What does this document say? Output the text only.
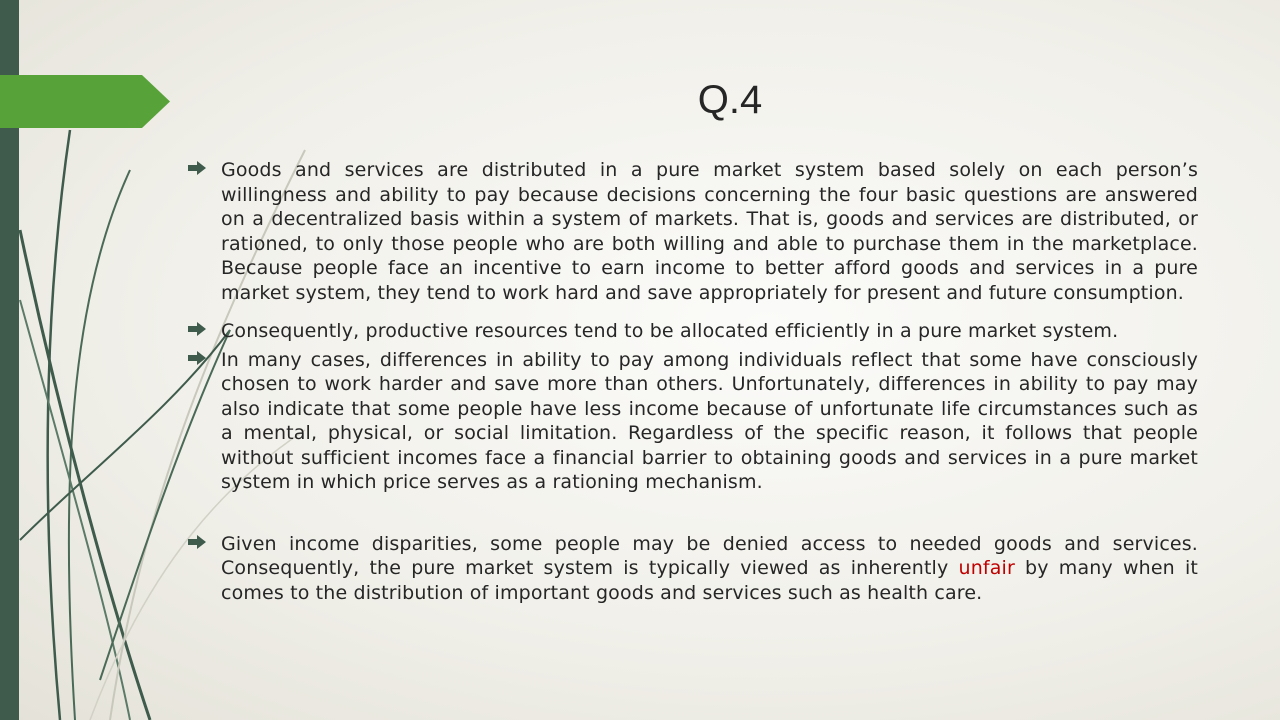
Q.4
Goods and services are distributed in a pure market system based solely on each person’s willingness and ability to pay because decisions concerning the four basic questions are answered on a decentralized basis within a system of markets. That is, goods and services are distributed, or rationed, to only those people who are both willing and able to purchase them in the marketplace. Because people face an incentive to earn income to better afford goods and services in a pure market system, they tend to work hard and save appropriately for present and future consumption.
Consequently, productive resources tend to be allocated efficiently in a pure market system.
In many cases, differences in ability to pay among individuals reflect that some have consciously chosen to work harder and save more than others. Unfortunately, differences in ability to pay may also indicate that some people have less income because of unfortunate life circumstances such as a mental, physical, or social limitation. Regardless of the specific reason, it follows that people without sufficient incomes face a financial barrier to obtaining goods and services in a pure market system in which price serves as a rationing mechanism.
Given income disparities, some people may be denied access to needed goods and services. Consequently, the pure market system is typically viewed as inherently unfair by many when it comes to the distribution of important goods and services such as health care.
